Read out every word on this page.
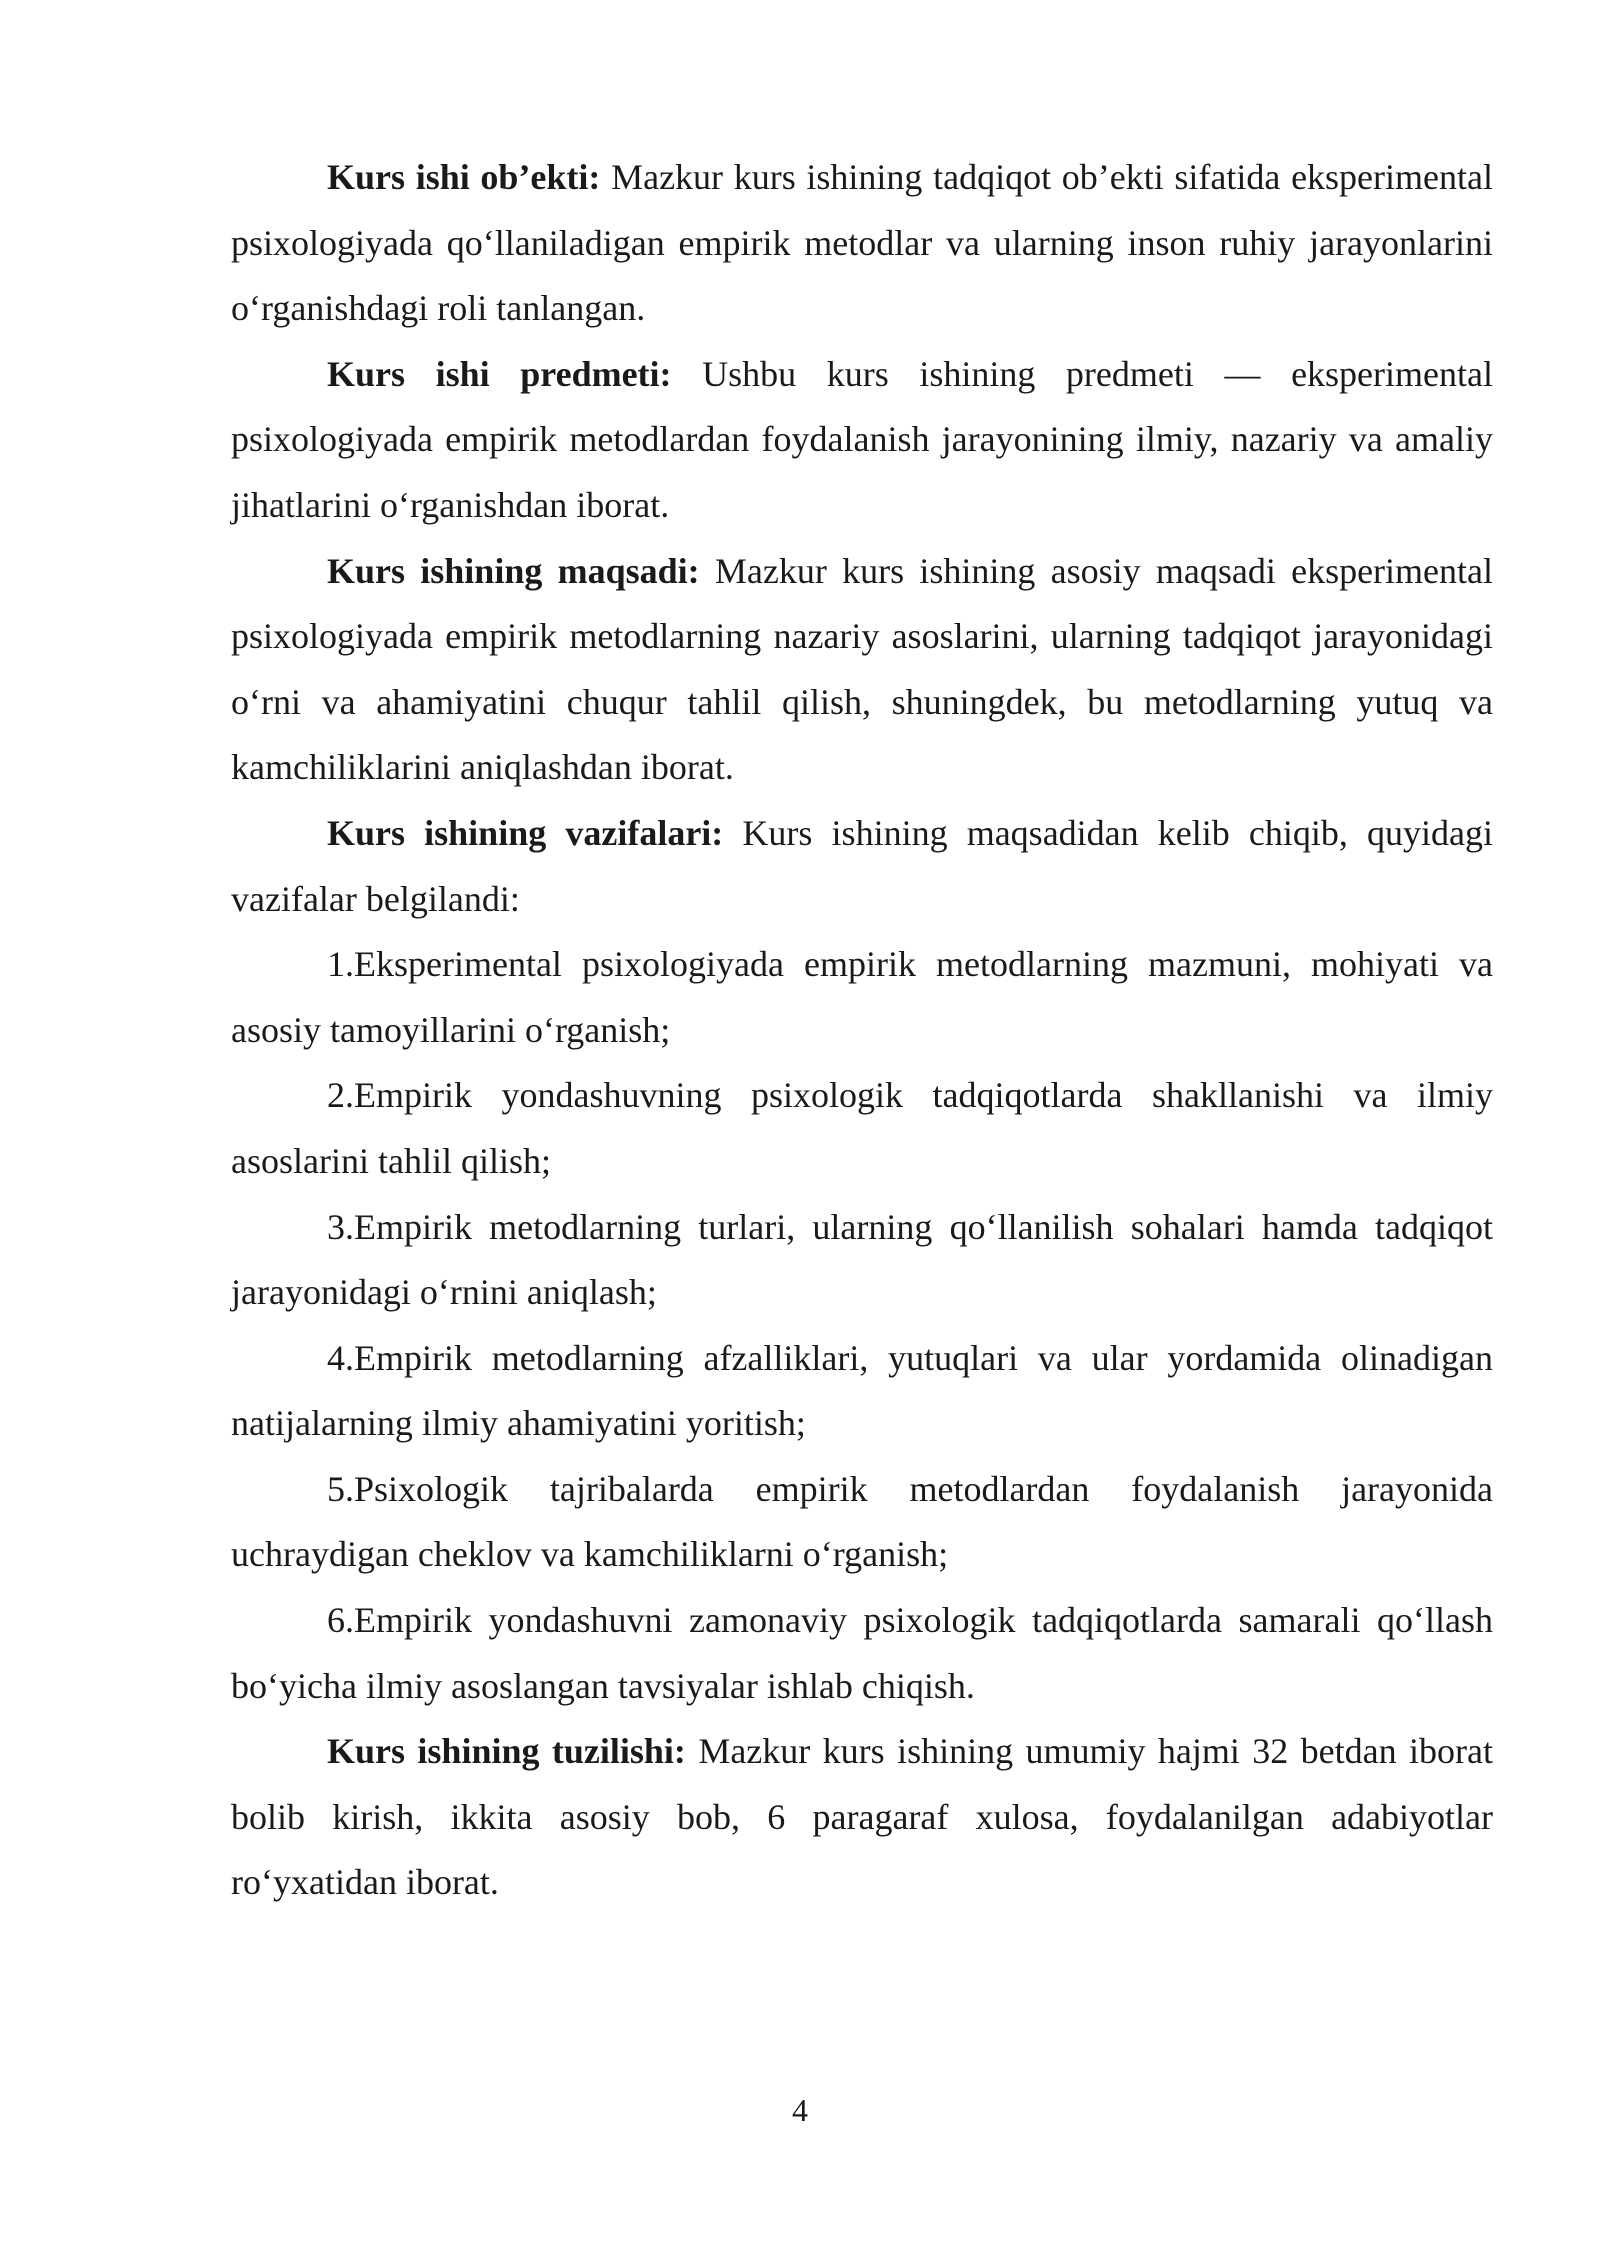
Kurs ishi ob’ekti: Mazkur kurs ishining tadqiqot ob’ekti sifatida eksperimental psixologiyada qo‘llaniladigan empirik metodlar va ularning inson ruhiy jarayonlarini o‘rganishdagi roli tanlangan.

Kurs ishi predmeti: Ushbu kurs ishining predmeti — eksperimental psixologiyada empirik metodlardan foydalanish jarayonining ilmiy, nazariy va amaliy jihatlarini o‘rganishdan iborat.

Kurs ishining maqsadi: Mazkur kurs ishining asosiy maqsadi eksperimental psixologiyada empirik metodlarning nazariy asoslarini, ularning tadqiqot jarayonidagi o‘rni va ahamiyatini chuqur tahlil qilish, shuningdek, bu metodlarning yutuq va kamchiliklarini aniqlashdan iborat.

Kurs ishining vazifalari: Kurs ishining maqsadidan kelib chiqib, quyidagi vazifalar belgilandi:

1.Eksperimental psixologiyada empirik metodlarning mazmuni, mohiyati va asosiy tamoyillarini o‘rganish;

2.Empirik yondashuvning psixologik tadqiqotlarda shakllanishi va ilmiy asoslarini tahlil qilish;

3.Empirik metodlarning turlari, ularning qo‘llanilish sohalari hamda tadqiqot jarayonidagi o‘rnini aniqlash;

4.Empirik metodlarning afzalliklari, yutuqlari va ular yordamida olinadigan natijalarning ilmiy ahamiyatini yoritish;

5.Psixologik tajribalarda empirik metodlardan foydalanish jarayonida uchraydigan cheklov va kamchiliklarni o‘rganish;

6.Empirik yondashuvni zamonaviy psixologik tadqiqotlarda samarali qo‘llash bo‘yicha ilmiy asoslangan tavsiyalar ishlab chiqish.

Kurs ishining tuzilishi: Mazkur kurs ishining umumiy hajmi 32 betdan iborat bolib kirish, ikkita asosiy bob, 6 paragaraf xulosa, foydalanilgan adabiyotlar ro‘yxatidan iborat.

4
